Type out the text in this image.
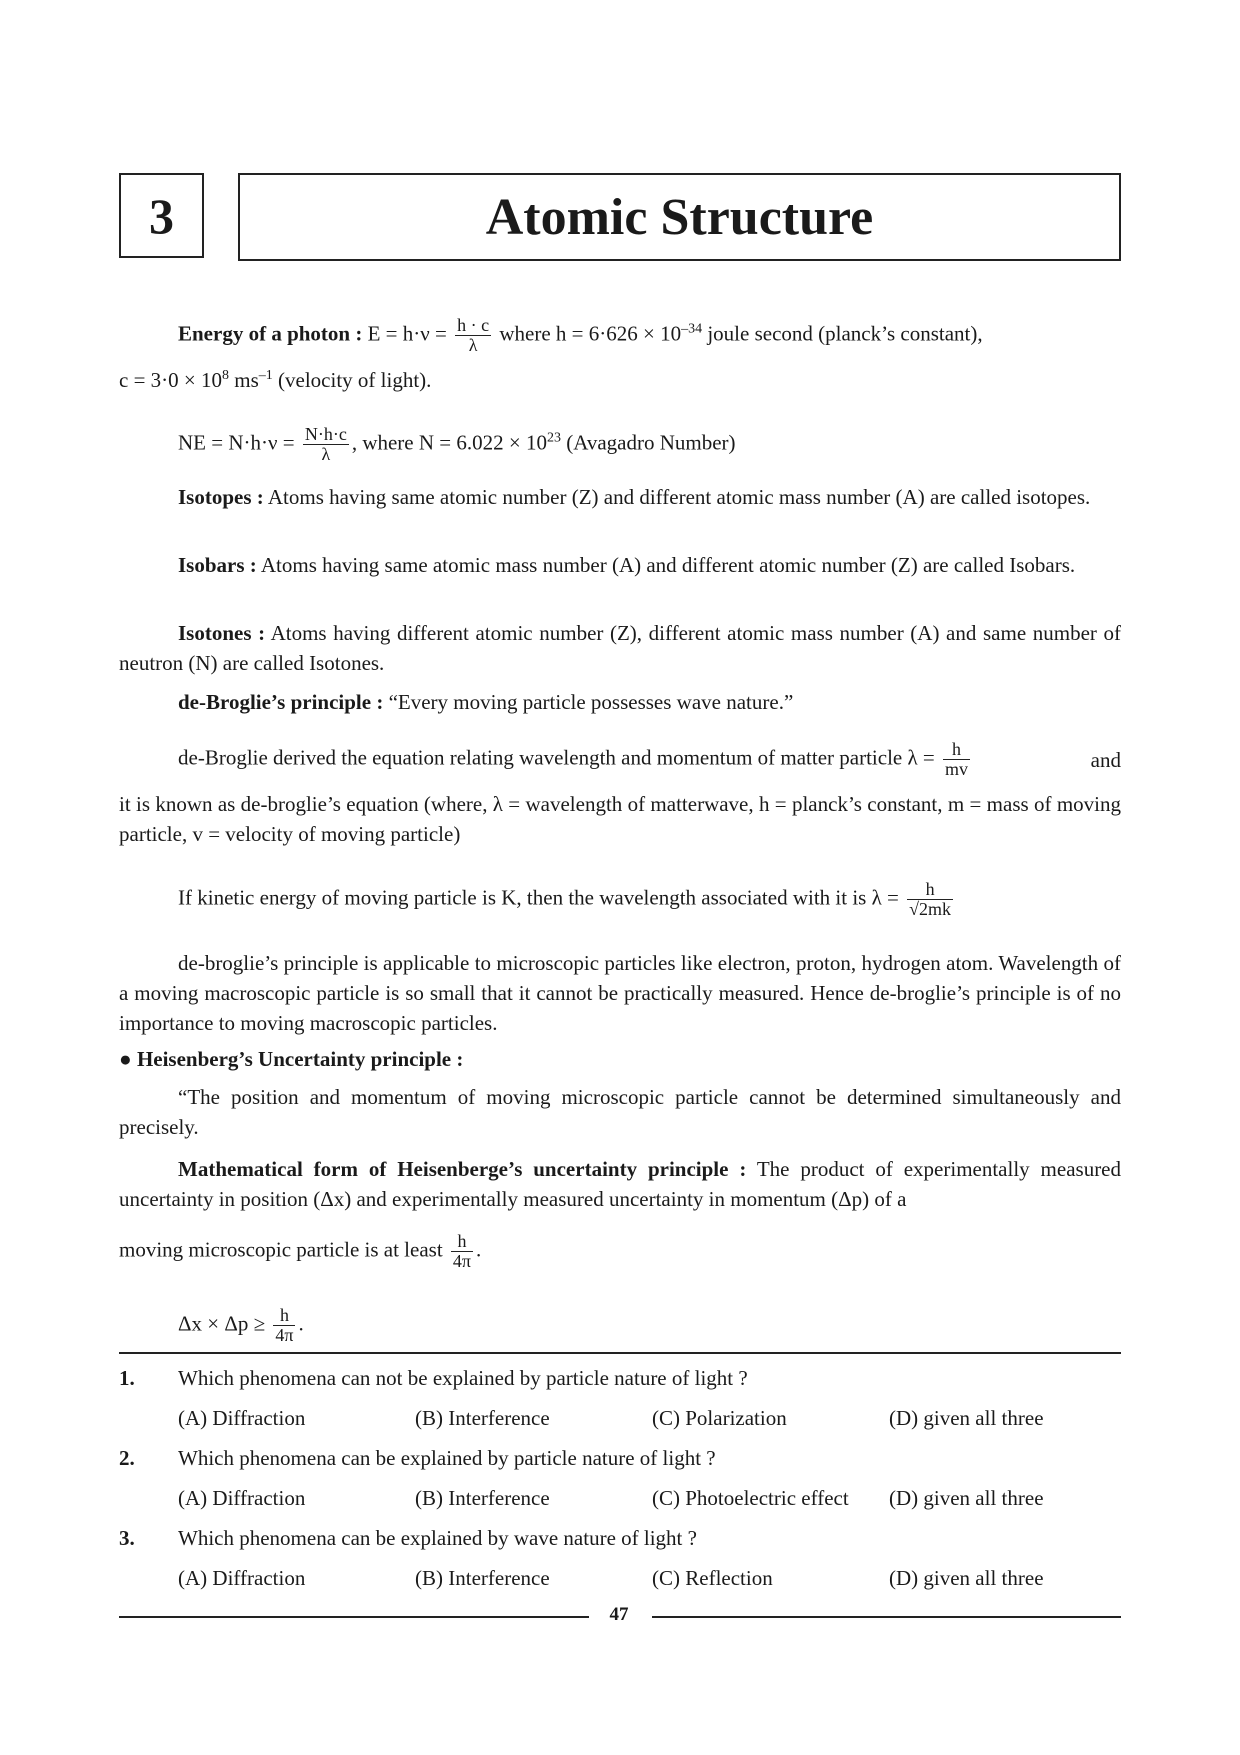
3	Atomic Structure
Energy of a photon : $E = h\cdot\nu = \frac{h \cdot c}{\lambda}$ where $h = 6\cdot 626 \times 10^{-34}$ joule second (planck’s constant),
$c = 3\cdot 0 \times 10^8$ $ms^{-1}$ (velocity of light).
NE = $N\cdot h\cdot\nu = \frac{N\cdot h\cdot c}{\lambda}$ , where $N = 6.022 \times 10^{23}$ (Avagadro Number)

Isotopes : Atoms having same atomic number (Z) and different atomic mass number (A) are called isotopes.

Isobars : Atoms having same atomic mass number (A) and different atomic number (Z) are called Isobars.

Isotones : Atoms having different atomic number (Z), different atomic mass number (A) and same number of neutron (N) are called Isotones.

de-Broglie’s principle : “Every moving particle possesses wave nature.”

de-Broglie derived the equation relating wavelength and momentum of matter particle $\lambda = \frac{h}{mv}$	and

it is known as de-broglie’s equation (where, λ = wavelength of matterwave, h = planck’s constant, m = mass of moving particle, v = velocity of moving particle)

If kinetic energy of moving particle is K, then the wavelength associated with it is $\lambda = \frac{h}{√2mk}$

de-broglie’s principle is applicable to microscopic particles like electron, proton, hydrogen atom. Wavelength of a moving macroscopic particle is so small that it cannot be practically measured. Hence de-broglie’s principle is of no importance to moving macroscopic particles.

● Heisenberg’s Uncertainty principle :

“The position and momentum of moving microscopic particle cannot be determined simultaneously and precisely.

Mathematical form of Heisenberge’s uncertainty principle : The product of experimentally measured uncertainty in position (Δx) and experimentally measured uncertainty in momentum (Δp) of a

moving microscopic particle is at least $\frac{h}{4\pi}$ .
$\Delta x \times \Delta p \ge \frac{h}{4\pi}$ .
1. Which phenomena can not be explained by particle nature of light ?
(A) Diffraction	(B) Interference	(C) Polarization	(D) given all three
2. Which phenomena can be explained by particle nature of light ?
(A) Diffraction	(B) Interference	(C) Photoelectric effect (D) given all three
3. Which phenomena can be explained by wave nature of light ?
(A) Diffraction	(B) Interference	(C) Reflection	(D) given all three
47
